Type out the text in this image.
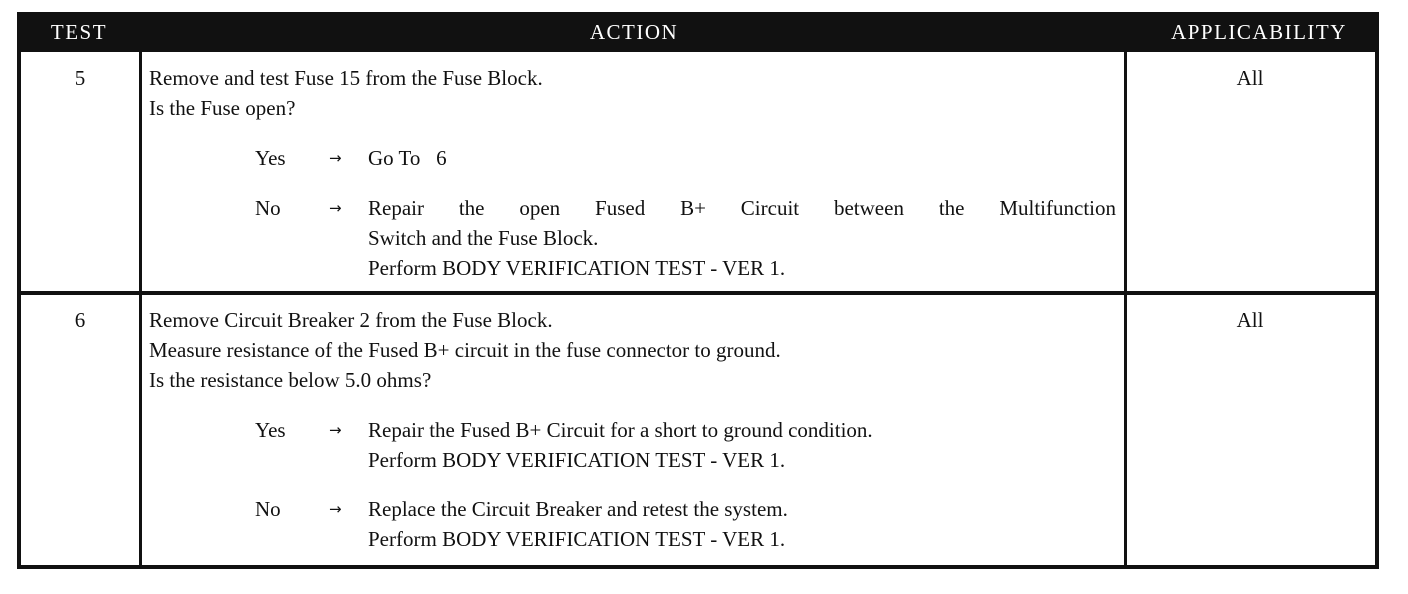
TEST	ACTION	APPLICABILITY
5	Remove and test Fuse 15 from the Fuse Block.
Is the Fuse open?
Yes	→ Go To   6
No	→ Repair the open Fused B+ Circuit between the Multifunction
Switch and the Fuse Block.
Perform BODY VERIFICATION TEST - VER 1.
All
6	Remove Circuit Breaker 2 from the Fuse Block.
Measure resistance of the Fused B+ circuit in the fuse connector to ground.
Is the resistance below 5.0 ohms?
Yes	→ Repair the Fused B+ Circuit for a short to ground condition.
Perform BODY VERIFICATION TEST - VER 1.
No	→ Replace the Circuit Breaker and retest the system.
Perform BODY VERIFICATION TEST - VER 1.
All
